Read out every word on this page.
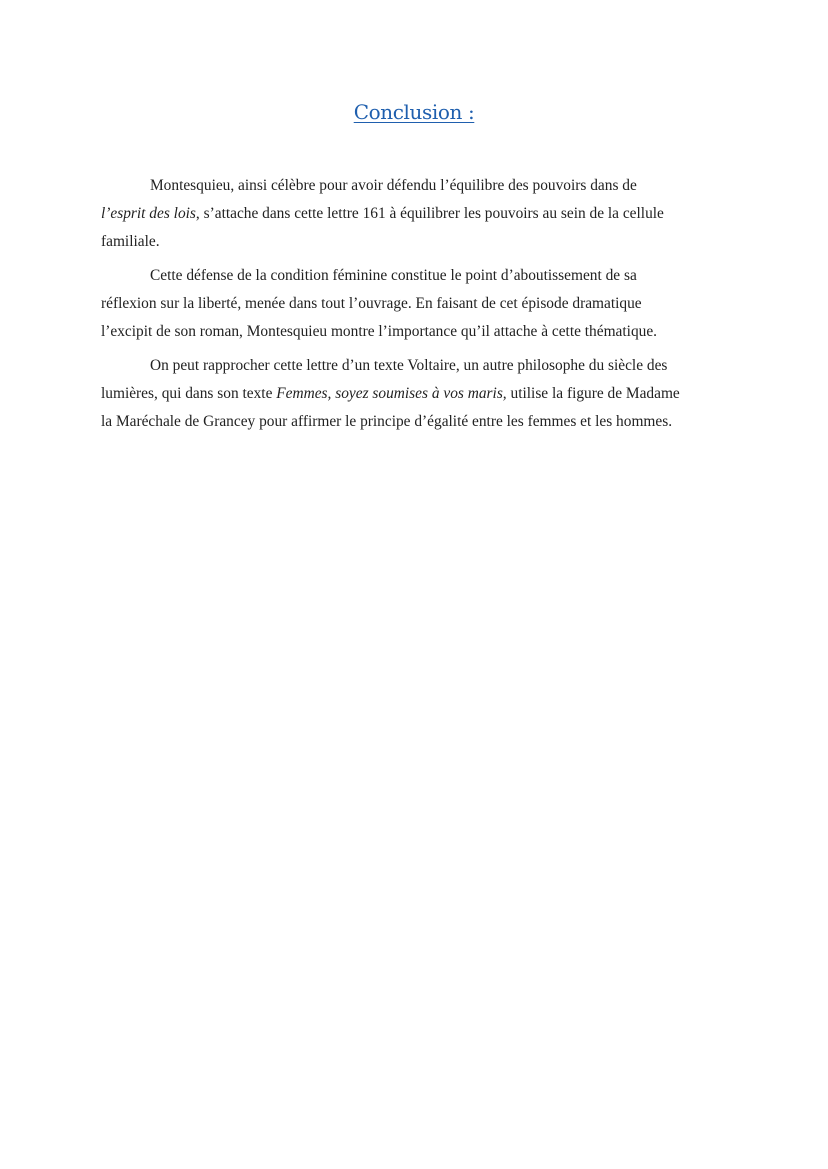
Conclusion :

Montesquieu, ainsi célèbre pour avoir défendu l’équilibre des pouvoirs dans de
l’esprit des lois, s’attache dans cette lettre 161 à équilibrer les pouvoirs au sein de la cellule
familiale.

Cette défense de la condition féminine constitue le point d’aboutissement de sa
réflexion sur la liberté, menée dans tout l’ouvrage. En faisant de cet épisode dramatique
l’excipit de son roman, Montesquieu montre l’importance qu’il attache à cette thématique.

On peut rapprocher cette lettre d’un texte Voltaire, un autre philosophe du siècle des
lumières, qui dans son texte Femmes, soyez soumises à vos maris, utilise la figure de Madame
la Maréchale de Grancey pour affirmer le principe d’égalité entre les femmes et les hommes.
